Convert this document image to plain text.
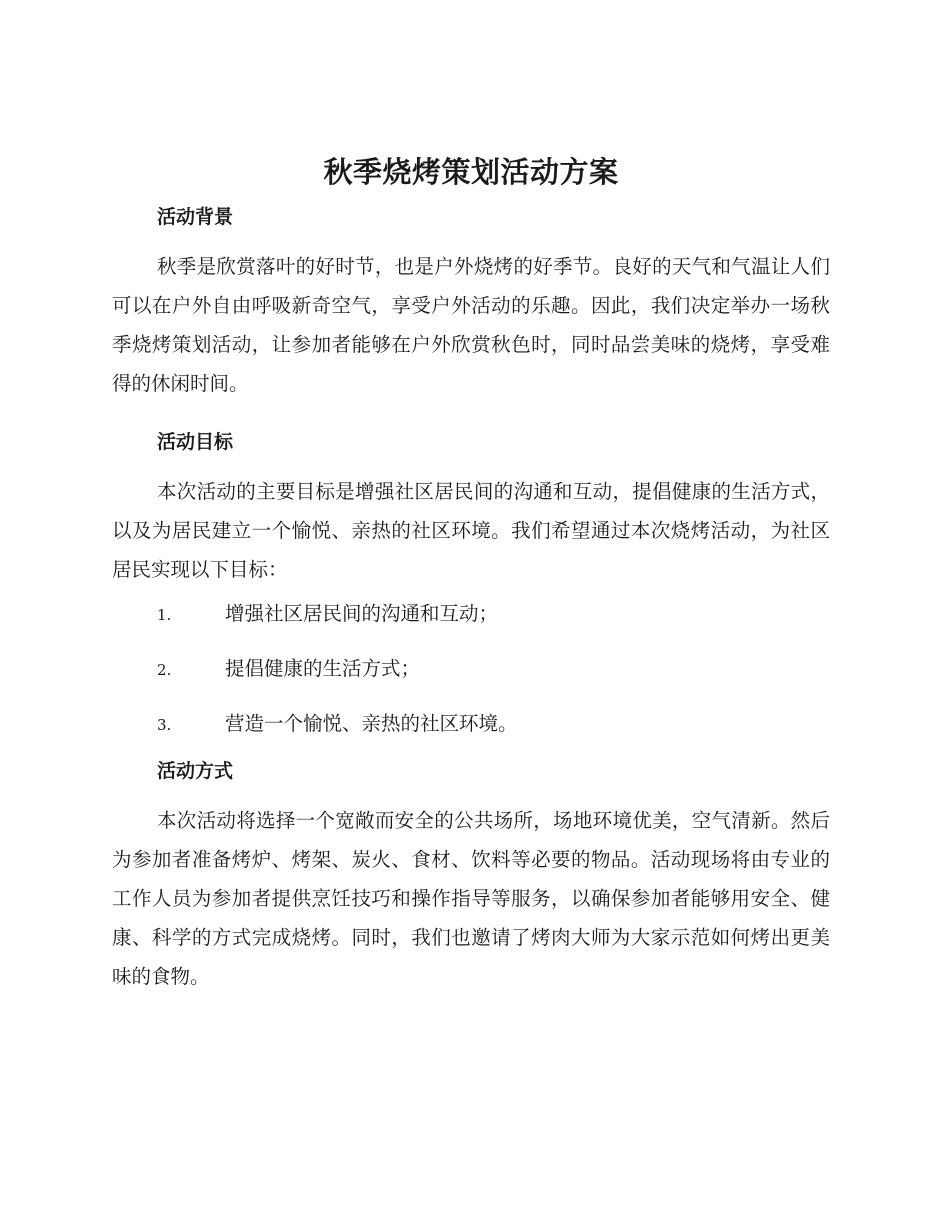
秋季烧烤策划活动方案
活动背景

秋季是欣赏落叶的好时节，也是户外烧烤的好季节。良好的天气和气温让人们可以在户外自由呼吸新奇空气，享受户外活动的乐趣。因此，我们决定举办一场秋季烧烤策划活动，让参加者能够在户外欣赏秋色时，同时品尝美味的烧烤，享受难得的休闲时间。

活动目标

本次活动的主要目标是增强社区居民间的沟通和互动，提倡健康的生活方式，以及为居民建立一个愉悦、亲热的社区环境。我们希望通过本次烧烤活动，为社区居民实现以下目标：

1.	增强社区居民间的沟通和互动；
2.	提倡健康的生活方式；
3.	营造一个愉悦、亲热的社区环境。
活动方式

本次活动将选择一个宽敞而安全的公共场所，场地环境优美，空气清新。然后为参加者准备烤炉、烤架、炭火、食材、饮料等必要的物品。活动现场将由专业的工作人员为参加者提供烹饪技巧和操作指导等服务，以确保参加者能够用安全、健康、科学的方式完成烧烤。同时，我们也邀请了烤肉大师为大家示范如何烤出更美味的食物。
